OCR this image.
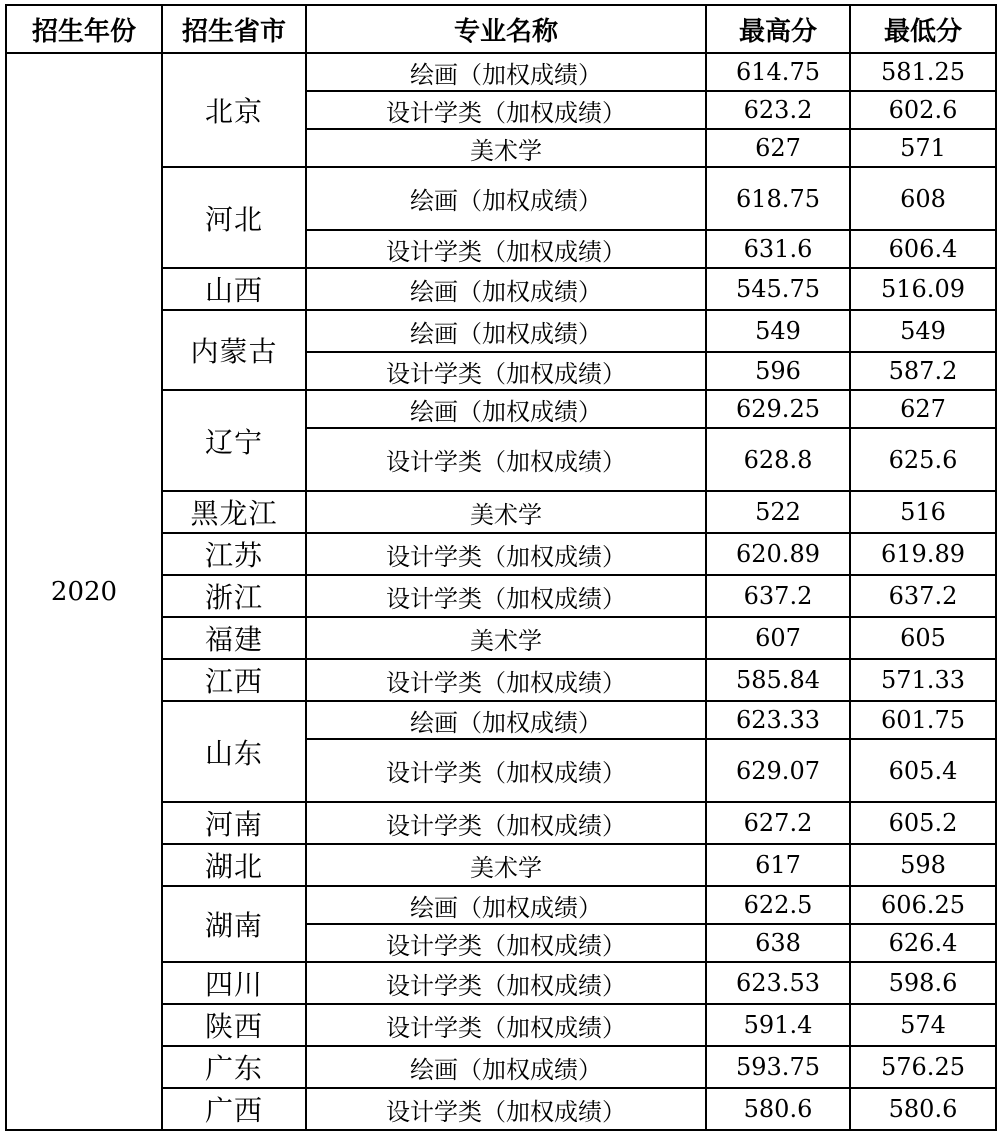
招生年份	招生省市	专业名称	最高分	最低分
2020	北京	绘画（加权成绩）	614.75	581.25
		设计学类（加权成绩）	623.2	602.6
		美术学	627	571
	河北	绘画（加权成绩）	618.75	608
		设计学类（加权成绩）	631.6	606.4
	山西	绘画（加权成绩）	545.75	516.09
	内蒙古	绘画（加权成绩）	549	549
		设计学类（加权成绩）	596	587.2
	辽宁	绘画（加权成绩）	629.25	627
		设计学类（加权成绩）	628.8	625.6
	黑龙江	美术学	522	516
	江苏	设计学类（加权成绩）	620.89	619.89
	浙江	设计学类（加权成绩）	637.2	637.2
	福建	美术学	607	605
	江西	设计学类（加权成绩）	585.84	571.33
	山东	绘画（加权成绩）	623.33	601.75
		设计学类（加权成绩）	629.07	605.4
	河南	设计学类（加权成绩）	627.2	605.2
	湖北	美术学	617	598
	湖南	绘画（加权成绩）	622.5	606.25
		设计学类（加权成绩）	638	626.4
	四川	设计学类（加权成绩）	623.53	598.6
	陕西	设计学类（加权成绩）	591.4	574
	广东	绘画（加权成绩）	593.75	576.25
	广西	设计学类（加权成绩）	580.6	580.6
